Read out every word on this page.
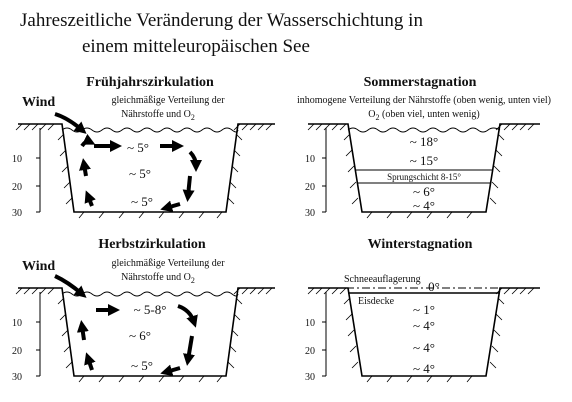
Jahreszeitliche Veränderung der Wasserschichtung in
einem mitteleuropäischen See
Frühjahrszirkulation
Wind	gleichmäßige Verteilung der
Nährstoffe und $O_2$
10
20
30
~ 5°
~ 5°
~ 5°
Sommerstagnation
inhomogene Verteilung der Nährstoffe (oben wenig, unten viel)
$O_2$ (oben viel, unten wenig)
10
20
30
Sprungschicht 8-15°
~ 18°
~ 15°
~ 6°
~ 4°
Herbstzirkulation
Wind	gleichmäßige Verteilung der
Nährstoffe und $O_2$
10
20
30
~ 5-8°
~ 6°
~ 5°
Winterstagnation
Schneeauflagerung
Eisdecke
10
20
30
0°
~ 1°
~ 4°
~ 4°
~ 4°
